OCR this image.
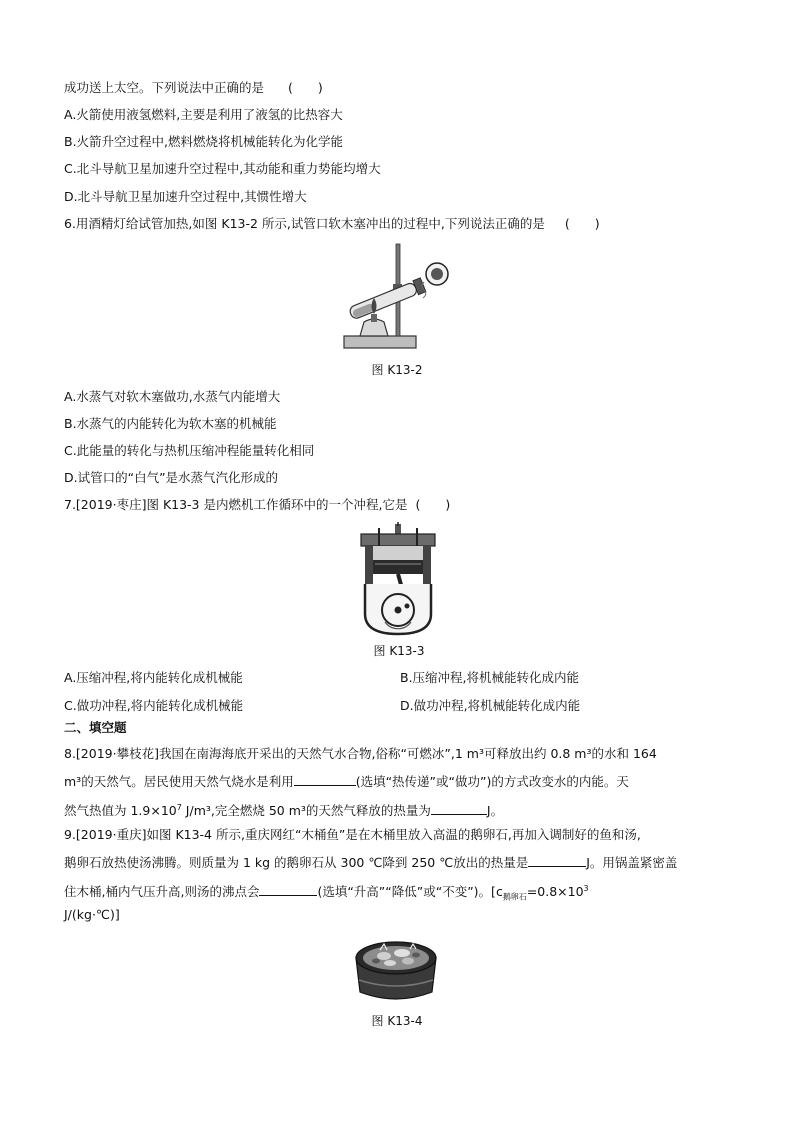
成功送上太空。下列说法中正确的是 (　　)
A.火箭使用液氢燃料,主要是利用了液氢的比热容大
B.火箭升空过程中,燃料燃烧将机械能转化为化学能
C.北斗导航卫星加速升空过程中,其动能和重力势能均增大
D.北斗导航卫星加速升空过程中,其惯性增大
6.用酒精灯给试管加热,如图 K13-2 所示,试管口软木塞冲出的过程中,下列说法正确的是 (　　)
图 K13-2
A.水蒸气对软木塞做功,水蒸气内能增大
B.水蒸气的内能转化为软木塞的机械能
C.此能量的转化与热机压缩冲程能量转化相同
D.试管口的“白气”是水蒸气汽化形成的
7.[2019·枣庄]图 K13-3 是内燃机工作循环中的一个冲程,它是 (　　)
图 K13-3
A.压缩冲程,将内能转化成机械能	B.压缩冲程,将机械能转化成内能
C.做功冲程,将内能转化成机械能	D.做功冲程,将机械能转化成内能
二、填空题
8.[2019·攀枝花]我国在南海海底开采出的天然气水合物,俗称“可燃冰”,1 m³可释放出约 0.8 m³的水和 164
m³的天然气。居民使用天然气烧水是利用	(选填“热传递”或“做功”)的方式改变水的内能。天
然气热值为 $1.9\times 10^7$ J/m³,完全燃烧 50 m³的天然气释放的热量为	J。
9.[2019·重庆]如图 K13-4 所示,重庆网红“木桶鱼”是在木桶里放入高温的鹅卵石,再加入调制好的鱼和汤,
鹅卵石放热使汤沸腾。则质量为 1 kg 的鹅卵石从 300 ℃降到 250 ℃放出的热量是	J。用锅盖紧密盖
住木桶,桶内气压升高,则汤的沸点会	(选填“升高”“降低”或“不变”)。[$c_{鹅卵石}=0.8\times 10^3$
J/(kg·℃)]
图 K13-4
